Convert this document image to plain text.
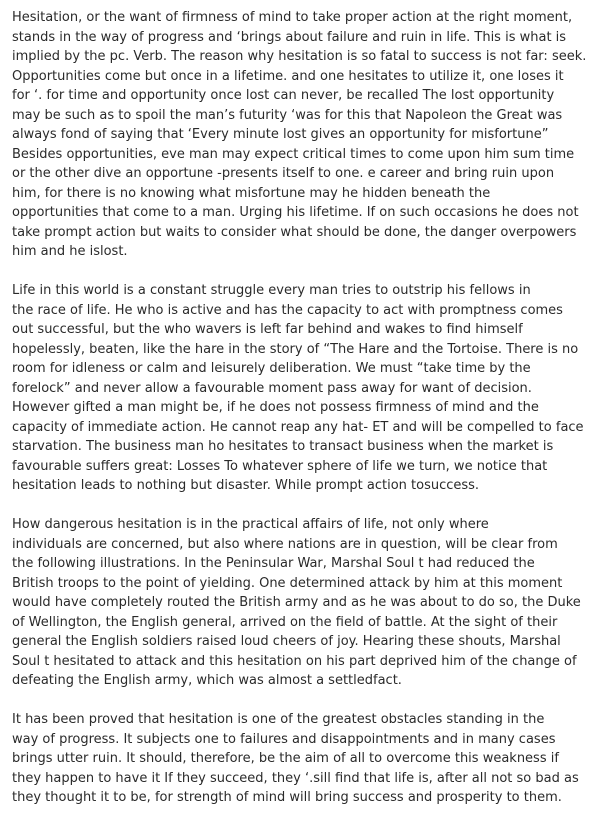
Hesitation, or the want of firmness of mind to take proper action at the right moment,
stands in the way of progress and ‘brings about failure and ruin in life. This is what is
implied by the pc. Verb. The reason why hesitation is so fatal to success is not far: seek.
Opportunities come but once in a lifetime. and one hesitates to utilize it, one loses it
for ‘. for time and opportunity once lost can never, be recalled The lost opportunity
may be such as to spoil the man’s futurity ‘was for this that Napoleon the Great was
always fond of saying that ‘Every minute lost gives an opportunity for misfortune”
Besides opportunities, eve man may expect critical times to come upon him sum time
or the other dive an opportune -presents itself to one. e career and bring ruin upon
him, for there is no knowing what misfortune may he hidden beneath the
opportunities that come to a man. Urging his lifetime. If on such occasions he does not
take prompt action but waits to consider what should be done, the danger overpowers
him and he islost.

Life in this world is a constant struggle every man tries to outstrip his fellows in
the race of life. He who is active and has the capacity to act with promptness comes
out successful, but the who wavers is left far behind and wakes to find himself
hopelessly, beaten, like the hare in the story of “The Hare and the Tortoise. There is no
room for idleness or calm and leisurely deliberation. We must “take time by the
forelock” and never allow a favourable moment pass away for want of decision.
However gifted a man might be, if he does not possess firmness of mind and the
capacity of immediate action. He cannot reap any hat- ET and will be compelled to face
starvation. The business man ho hesitates to transact business when the market is
favourable suffers great: Losses To whatever sphere of life we turn, we notice that
hesitation leads to nothing but disaster. While prompt action tosuccess.

How dangerous hesitation is in the practical affairs of life, not only where
individuals are concerned, but also where nations are in question, will be clear from
the following illustrations. In the Peninsular War, Marshal Soul t had reduced the
British troops to the point of yielding. One determined attack by him at this moment
would have completely routed the British army and as he was about to do so, the Duke
of Wellington, the English general, arrived on the field of battle. At the sight of their
general the English soldiers raised loud cheers of joy. Hearing these shouts, Marshal
Soul t hesitated to attack and this hesitation on his part deprived him of the change of
defeating the English army, which was almost a settledfact.

It has been proved that hesitation is one of the greatest obstacles standing in the
way of progress. It subjects one to failures and disappointments and in many cases
brings utter ruin. It should, therefore, be the aim of all to overcome this weakness if
they happen to have it If they succeed, they ‘.sill find that life is, after all not so bad as
they thought it to be, for strength of mind will bring success and prosperity to them.
